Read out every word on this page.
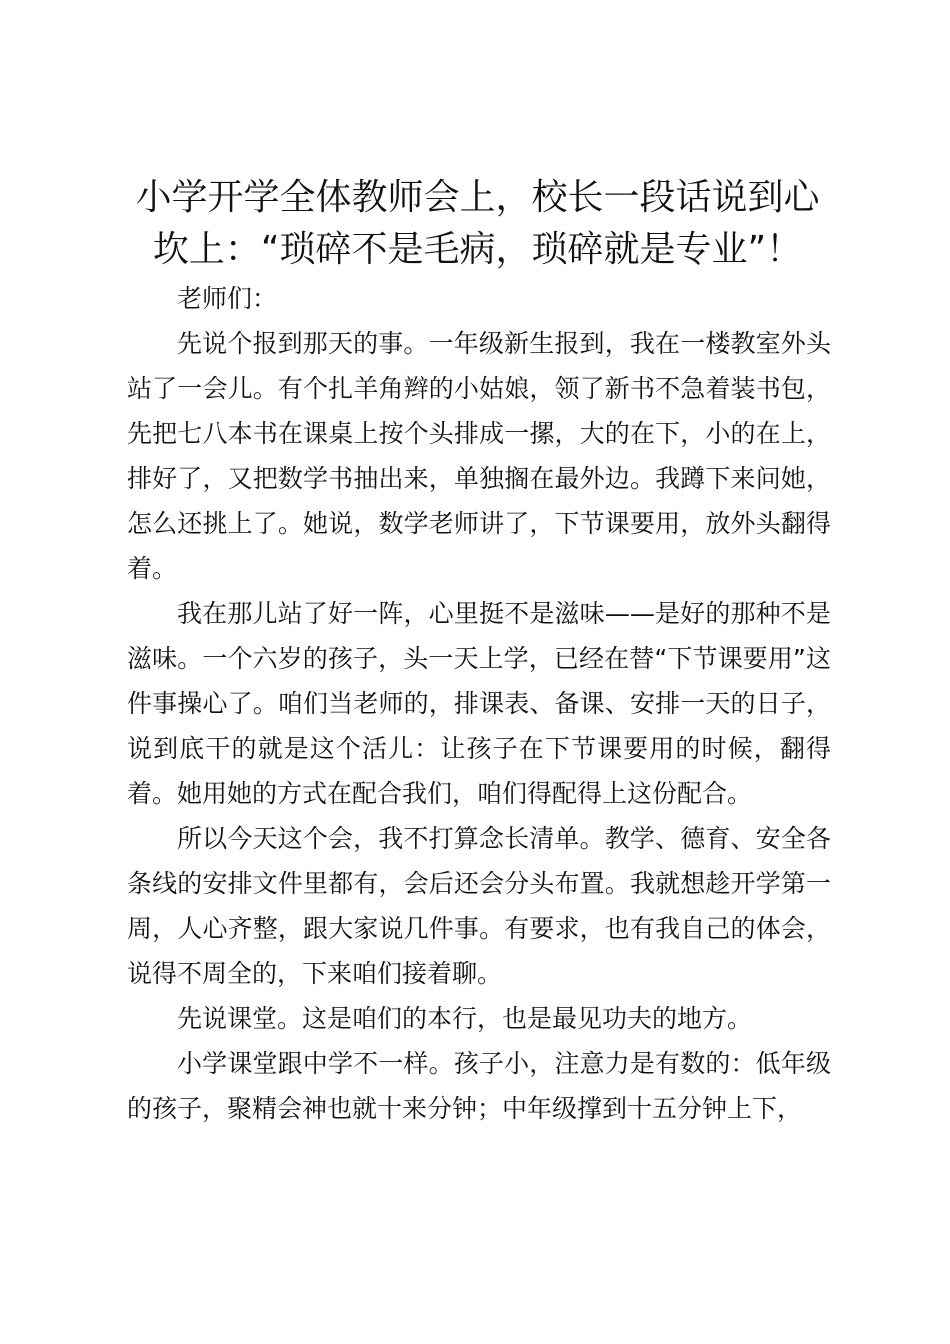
小学开学全体教师会上，校长一段话说到心坎上：“琐碎不是毛病，琐碎就是专业”！

老师们：

先说个报到那天的事。一年级新生报到，我在一楼教室外头站了一会儿。有个扎羊角辫的小姑娘，领了新书不急着装书包，先把七八本书在课桌上按个头排成一摞，大的在下，小的在上，排好了，又把数学书抽出来，单独搁在最外边。我蹲下来问她，怎么还挑上了。她说，数学老师讲了，下节课要用，放外头翻得着。

我在那儿站了好一阵，心里挺不是滋味——是好的那种不是滋味。一个六岁的孩子，头一天上学，已经在替“下节课要用”这件事操心了。咱们当老师的，排课表、备课、安排一天的日子，说到底干的就是这个活儿：让孩子在下节课要用的时候，翻得着。她用她的方式在配合我们，咱们得配得上这份配合。

所以今天这个会，我不打算念长清单。教学、德育、安全各条线的安排文件里都有，会后还会分头布置。我就想趁开学第一周，人心齐整，跟大家说几件事。有要求，也有我自己的体会，说得不周全的，下来咱们接着聊。

先说课堂。这是咱们的本行，也是最见功夫的地方。

小学课堂跟中学不一样。孩子小，注意力是有数的：低年级的孩子，聚精会神也就十来分钟；中年级撑到十五分钟上下，
